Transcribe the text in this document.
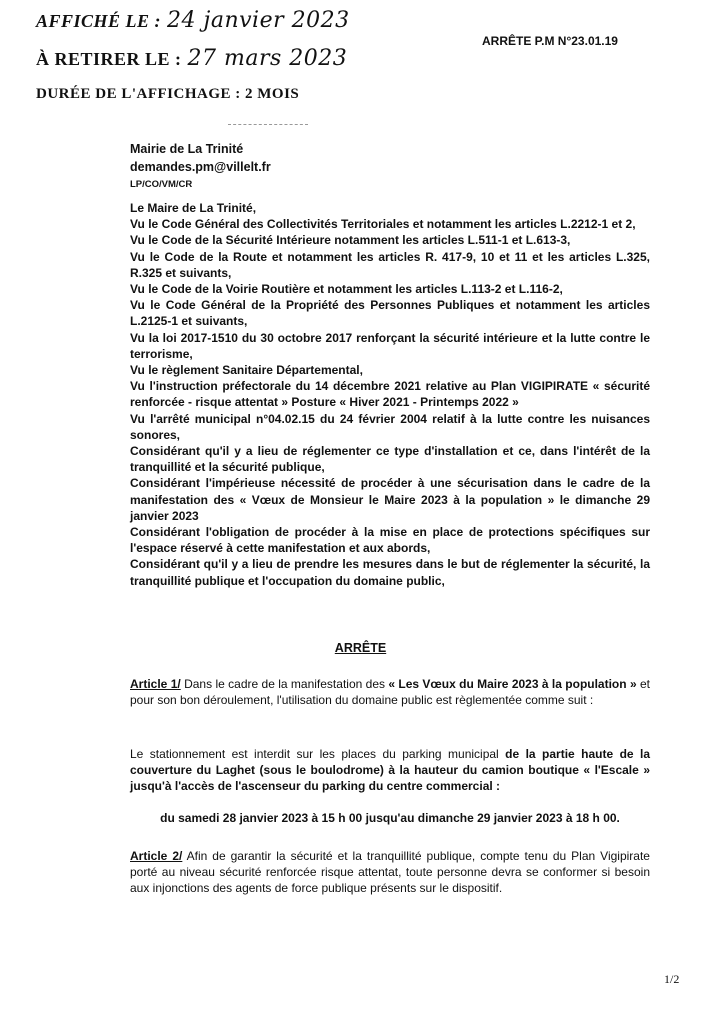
AFFICHÉ LE : 24 janvier 2023
À RETIRER LE : 27 mars 2023
DURÉE DE L'AFFICHAGE : 2 MOIS
ARRÊTE P.M N°23.01.19
Mairie de La Trinité
demandes.pm@villelt.fr
LP/CO/VM/CR

Le Maire de La Trinité,

Vu le Code Général des Collectivités Territoriales et notamment les articles L.2212-1 et 2,

Vu le Code de la Sécurité Intérieure notamment les articles L.511-1 et L.613-3,

Vu le Code de la Route et notamment les articles R. 417-9, 10 et 11 et les articles L.325, R.325 et suivants,

Vu le Code de la Voirie Routière et notamment les articles L.113-2 et L.116-2,

Vu le Code Général de la Propriété des Personnes Publiques et notamment les articles L.2125-1 et suivants,

Vu la loi 2017-1510 du 30 octobre 2017 renforçant la sécurité intérieure et la lutte contre le terrorisme,

Vu le règlement Sanitaire Départemental,

Vu l'instruction préfectorale du 14 décembre 2021 relative au Plan VIGIPIRATE « sécurité renforcée - risque attentat » Posture « Hiver 2021 - Printemps 2022 »

Vu l'arrêté municipal n°04.02.15 du 24 février 2004 relatif à la lutte contre les nuisances sonores,

Considérant qu'il y a lieu de réglementer ce type d'installation et ce, dans l'intérêt de la tranquillité et la sécurité publique,

Considérant l'impérieuse nécessité de procéder à une sécurisation dans le cadre de la manifestation des « Vœux de Monsieur le Maire 2023 à la population » le dimanche 29 janvier 2023

Considérant l'obligation de procéder à la mise en place de protections spécifiques sur l'espace réservé à cette manifestation et aux abords,

Considérant qu'il y a lieu de prendre les mesures dans le but de réglementer la sécurité, la tranquillité publique et l'occupation du domaine public,

ARRÊTE
Article 1/ Dans le cadre de la manifestation des « Les Vœux du Maire 2023 à la population » et pour son bon déroulement, l'utilisation du domaine public est règlementée comme suit :
Le stationnement est interdit sur les places du parking municipal de la partie haute de la couverture du Laghet (sous le boulodrome) à la hauteur du camion boutique « l'Escale » jusqu'à l'accès de l'ascenseur du parking du centre commercial :
du samedi 28 janvier 2023 à 15 h 00 jusqu'au dimanche 29 janvier 2023 à 18 h 00.
Article 2/ Afin de garantir la sécurité et la tranquillité publique, compte tenu du Plan Vigipirate porté au niveau sécurité renforcée risque attentat, toute personne devra se conformer si besoin aux injonctions des agents de force publique présents sur le dispositif.
1/2
